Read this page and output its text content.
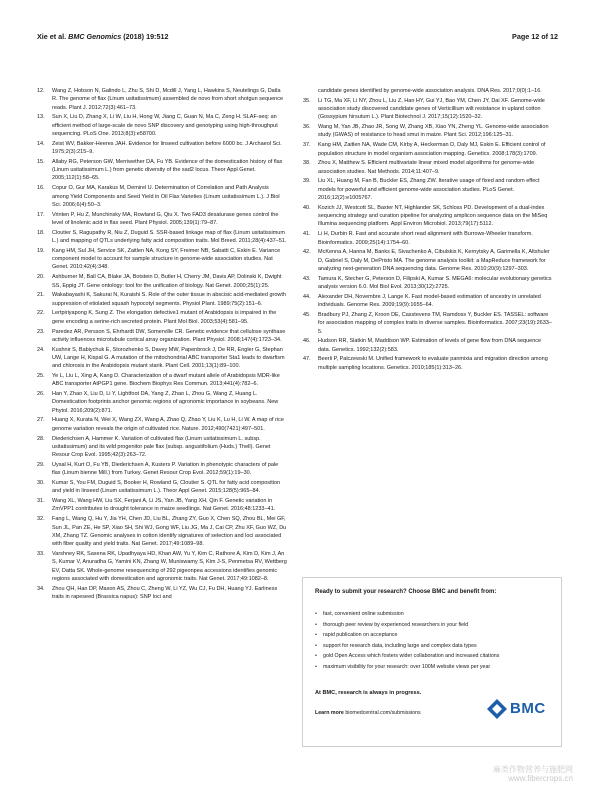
Xie et al. BMC Genomics (2018) 19:512	Page 12 of 12
12. Wang Z, Hobson N, Galindo L, Zhu S, Shi D, Mcdill J, Yang L, Hawkins S, Neutelings G, Datla R. The genome of flax (Linum usitatissimum) assembled de novo from short shotgun sequence reads. Plant J. 2012;72(3):461–73.
13. Sun X, Liu D, Zhang X, Li W, Liu H, Hong W, Jiang C, Guan N, Ma C, Zeng H. SLAF-seq: an efficient method of large-scale de novo SNP discovery and genotyping using high-throughput sequencing. PLoS One. 2013;8(3):e58700.
14. Zeist WV, Bakker-Heeres JAH. Evidence for linseed cultivation before 6000 bc. J Archaeol Sci. 1975;2(3):215–9.
15. Allaby RG, Peterson GW, Merriwether DA, Fu YB. Evidence of the domestication history of flax (Linum usitatissimum L.) from genetic diversity of the sad2 locus. Theor Appl Genet. 2005;112(1):58–65.
16. Copur O, Gur MA, Karakus M, Demirel U. Determination of Correlation and Path Analysis among Yield Components and Seed Yield in Oil Flax Varieties (Linum usitatissimum L.). J Biol Sci. 2006;6(4):50–3.
17. Vrinten P, Hu Z, Munchinsky MA, Rowland G, Qiu X. Two FAD3 desaturase genes control the level of linolenic acid in flax seed. Plant Physiol. 2005;139(1):79–87.
18. Cloutier S, Ragupathy R, Niu Z, Duguid S. SSR-based linkage map of flax (Linum usitatissimum L.) and mapping of QTLs underlying fatty acid composition traits. Mol Breed. 2011;28(4):437–51.
19. Kang HM, Sul JH, Service SK, Zaitlen NA, Kong SY, Freimer NB, Sabatti C, Eskin E. Variance component model to account for sample structure in genome-wide association studies. Nat Genet. 2010;42(4):348.
20. Ashburner M, Ball CA, Blake JA, Botstein D, Butler H, Cherry JM, Davis AP, Dolinski K, Dwight SS, Eppig JT. Gene ontology: tool for the unification of biology. Nat Genet. 2000;25(1):25.
21. Wakabayashi K, Sakurai N, Kuraishi S. Role of the outer tissue in abscisic acid-mediated growth suppression of etiolated squash hypocotyl segments. Physiol Plant. 1989;75(2):151–6.
22. Lertpiriyapong K, Sung Z. The elongation defective1 mutant of Arabidopsis is impaired in the gene encoding a serine-rich secreted protein. Plant Mol Biol. 2003;53(4):581–95.
23. Paredez AR, Persson S, Ehrhardt DW, Somerville CR. Genetic evidence that cellulose synthase activity influences microtubule cortical array organization. Plant Physiol. 2008;147(4):1723–34.
24. Kushnir S, Babiychuk E, Storozhenko S, Davey MW, Papenbrock J, De RR, Engler G, Stephan UW, Lange H, Kispal G. A mutation of the mitochondrial ABC transporter Sta1 leads to dwarfism and chlorosis in the Arabidopsis mutant starik. Plant Cell. 2001;13(1):89–100.
25. Ye L, Liu L, Xing A, Kang D. Characterization of a dwarf mutant allele of Arabidopsis MDR-like ABC transporter AtPGP1 gene. Biochem Biophys Res Commun. 2013;441(4):782–6.
26. Han Y, Zhao X, Liu D, Li Y, Lightfoot DA, Yang Z, Zhao L, Zhou G, Wang Z, Huang L. Domestication footprints anchor genomic regions of agronomic importance in soybeans. New Phytol. 2016;209(2):871.
27. Huang X, Kurata N, Wei X, Wang ZX, Wang A, Zhao Q, Zhao Y, Liu K, Lu H, Li W. A map of rice genome variation reveals the origin of cultivated rice. Nature. 2012;490(7421):497–501.
28. Diederichsen A, Hammer K. Variation of cultivated flax (Linum usitatissimum L. subsp. usitatissimum) and its wild progenitor pale flax (subsp. angustifolium (Huds.) Thell). Genet Resour Crop Evol. 1995;42(3):263–72.
29. Uysal H, Kurt O, Fu YB, Diederichsen A, Kusters P. Variation in phenotypic characters of pale flax (Linum bienne Mill.) from Turkey. Genet Resour Crop Evol. 2012;59(1):19–30.
30. Kumar S, You FM, Duguid S, Booker H, Rowland G, Cloutier S. QTL for fatty acid composition and yield in linseed (Linum usitatissimum L.). Theor Appl Genet. 2015;128(5):965–84.
31. Wang XL, Wang HW, Liu SX, Ferjani A, Li JS, Yan JB, Yang XH, Qin F. Genetic variation in ZmVPP1 contributes to drought tolerance in maize seedlings. Nat Genet. 2016;48:1233–41.
32. Fang L, Wang Q, Hu Y, Jia YH, Chen JD, Liu BL, Zhang ZY, Guo X, Chen SQ, Zhou BL, Mei GF, Sun JL, Pan ZE, He SP, Xiao SH, Shi WJ, Gong WF, Liu JG, Ma J, Cai CP, Zhu XF, Guo WZ, Du XM, Zhang TZ. Genomic analyses in cotton identify signatures of selection and loci associated with fiber quality and yield traits. Nat Genet. 2017;49:1089–98.
33. Varshney RK, Saxena RK, Upadhyaya HD, Khan AW, Yu Y, Kim C, Rathore A, Kim D, Kim J, An S, Kumar V, Anuradha G, Yamini KN, Zhang W, Muniswamy S, Kim J-S, Penmetsa RV, Wettberg EV, Datta SK. Whole-genome resequencing of 292 pigeonpea accessions identifies genomic regions associated with domestication and agronomic traits. Nat Genet. 2017;49:1082–8.
34. Zhou QH, Han DP, Mason AS, Zhou C, Zheng W, Li YZ, Wu CJ, Fu DH, Huang YJ. Earliness traits in rapeseed (Brassica napus): SNP loci and
candidate genes identified by genome-wide association analysis. DNA Res. 2017;0(0):1–16.
35. Li TG, Ma XF, Li NY, Zhou L, Liu Z, Han HY, Gui YJ, Bao YM, Chen JY, Dai XF. Genome-wide association study discovered candidate genes of Verticillium wilt resistance in upland cotton (Gossypium hirsutum L.). Plant Biotechnol J. 2017;15(12):1520–32.
36. Wang M, Yan JB, Zhao JR, Song W, Zhang XB, Xiao YN, Zheng YL. Genome-wide association study (GWAS) of resistance to head smut in maize. Plant Sci. 2012;196:125–31.
37. Kang HM, Zaitlen NA, Wade CM, Kirby A, Heckerman D, Daly MJ, Eskin E. Efficient control of population structure in model organism association mapping. Genetics. 2008;178(3):1709.
38. Zhou X, Matthew S. Efficient multivariate linear mixed model algorithms for genome-wide association studies. Nat Methods. 2014;11:407–9.
39. Liu XL, Huang M, Fan B, Buckler ES, Zhang ZW. Iterative usage of fixed and random effect models for powerful and efficient genome-wide association studies. PLoS Genet. 2016;12(2):e1005767.
40. Kozich JJ, Westcott SL, Baxter NT, Highlander SK, Schloss PD. Development of a dual-index sequencing strategy and curation pipeline for analyzing amplicon sequence data on the MiSeq Illumina sequencing platform. Appl Environ Microbiol. 2013;79(17):5112.
41. Li H, Durbin R. Fast and accurate short read alignment with Burrows-Wheeler transform. Bioinformatics. 2009;25(14):1754–60.
42. McKenna A, Hanna M, Banks E, Sivachenko A, Cibulskis K, Kernytsky A, Garimella K, Altshuler D, Gabriel S, Daly M, DePristo MA. The genome analysis toolkit: a MapReduce framework for analyzing next-generation DNA sequencing data. Genome Res. 2010;20(9):1297–303.
43. Tamura K, Stecher G, Peterson D, Filipski A, Kumar S. MEGA6: molecular evolutionary genetics analysis version 6.0. Mol Biol Evol. 2013;30(12):2725.
44. Alexander DH, Novembre J, Lange K. Fast model-based estimation of ancestry in unrelated individuals. Genome Res. 2009;19(9):1655–64.
45. Bradbury PJ, Zhang Z, Kroon DE, Casstevens TM, Ramdoss Y, Buckler ES. TASSEL: software for association mapping of complex traits in diverse samples. Bioinformatics. 2007;23(19):2633–5.
46. Hudson RR, Slatkin M, Maddison WP. Estimation of levels of gene flow from DNA sequence data. Genetics. 1992;132(2):583.
47. Beerli P, Palczewski M. Unified framework to evaluate panmixia and migration direction among multiple sampling locations. Genetics. 2010;185(1):313–26.
Ready to submit your research? Choose BMC and benefit from:
• fast, convenient online submission
• thorough peer review by experienced researchers in your field
• rapid publication on acceptance
• support for research data, including large and complex data types
• gold Open Access which fosters wider collaboration and increased citations
• maximum visibility for your research: over 100M website views per year
At BMC, research is always in progress.
Learn more biomedcentral.com/submissions	BMC
麻类作物营养与施肥网
www.fibercrops.cn
